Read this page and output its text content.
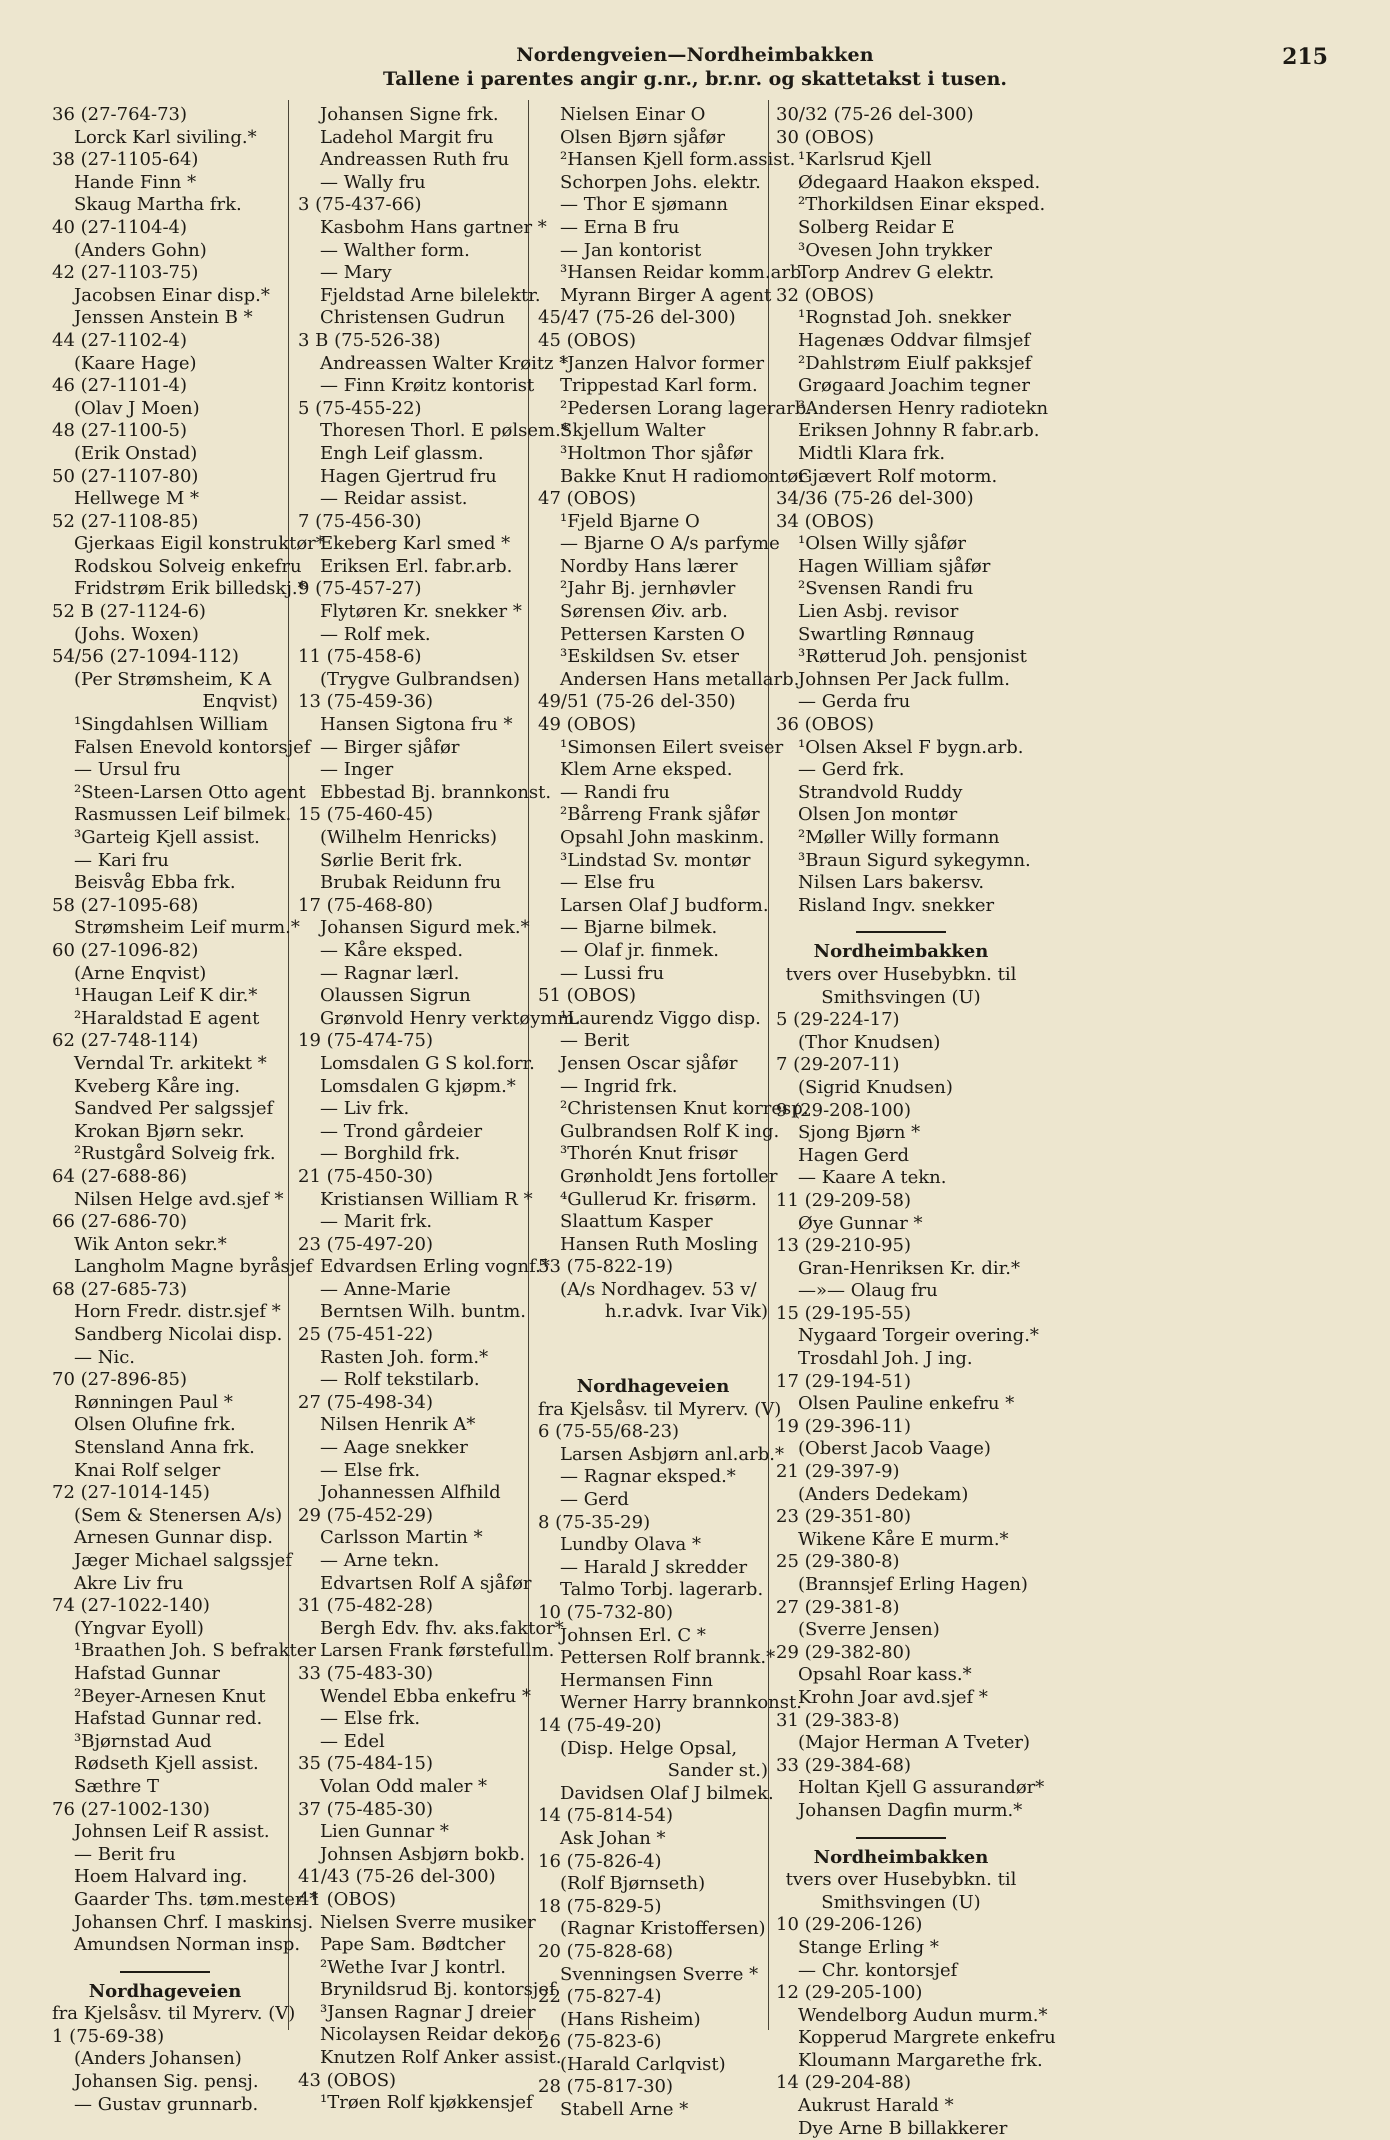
Nordengveien—Nordheimbakken
Tallene i parentes angir g.nr., br.nr. og skattetakst i tusen.
215
36 (27-764-73)
Lorck Karl siviling.*
38 (27-1105-64)
Hande Finn *
Skaug Martha frk.
40 (27-1104-4)
(Anders Gohn)
42 (27-1103-75)
Jacobsen Einar disp.*
Jenssen Anstein B *
44 (27-1102-4)
(Kaare Hage)
46 (27-1101-4)
(Olav J Moen)
48 (27-1100-5)
(Erik Onstad)
50 (27-1107-80)
Hellwege M *
52 (27-1108-85)
Gjerkaas Eigil konstruktør*
Rodskou Solveig enkefru
Fridstrøm Erik billedskj.*
52 B (27-1124-6)
(Johs. Woxen)
54/56 (27-1094-112)
(Per Strømsheim, K A
Enqvist)
¹Singdahlsen William
Falsen Enevold kontorsjef
— Ursul fru
²Steen-Larsen Otto agent
Rasmussen Leif bilmek.
³Garteig Kjell assist.
— Kari fru
Beisvåg Ebba frk.
58 (27-1095-68)
Strømsheim Leif murm.*
60 (27-1096-82)
(Arne Enqvist)
¹Haugan Leif K dir.*
²Haraldstad E agent
62 (27-748-114)
Verndal Tr. arkitekt *
Kveberg Kåre ing.
Sandved Per salgssjef
Krokan Bjørn sekr.
²Rustgård Solveig frk.
64 (27-688-86)
Nilsen Helge avd.sjef *
66 (27-686-70)
Wik Anton sekr.*
Langholm Magne byråsjef
68 (27-685-73)
Horn Fredr. distr.sjef *
Sandberg Nicolai disp.
— Nic.
70 (27-896-85)
Rønningen Paul *
Olsen Olufine frk.
Stensland Anna frk.
Knai Rolf selger
72 (27-1014-145)
(Sem & Stenersen A/s)
Arnesen Gunnar disp.
Jæger Michael salgssjef
Akre Liv fru
74 (27-1022-140)
(Yngvar Eyoll)
¹Braathen Joh. S befrakter
Hafstad Gunnar
²Beyer-Arnesen Knut
Hafstad Gunnar red.
³Bjørnstad Aud
Rødseth Kjell assist.
Sæthre T
76 (27-1002-130)
Johnsen Leif R assist.
— Berit fru
Hoem Halvard ing.
Gaarder Ths. tøm.mester *
Johansen Chrf. I maskinsj.
Amundsen Norman insp.
Nordhageveien
fra Kjelsåsv. til Myrerv. (V)
1 (75-69-38)
(Anders Johansen)
Johansen Sig. pensj.
— Gustav grunnarb.
Johansen Signe frk.
Ladehol Margit fru
Andreassen Ruth fru
— Wally fru
3 (75-437-66)
Kasbohm Hans gartner *
— Walther form.
— Mary
Fjeldstad Arne bilelektr.
Christensen Gudrun
3 B (75-526-38)
Andreassen Walter Krøitz *
— Finn Krøitz kontorist
5 (75-455-22)
Thoresen Thorl. E pølsem.*
Engh Leif glassm.
Hagen Gjertrud fru
— Reidar assist.
7 (75-456-30)
Ekeberg Karl smed *
Eriksen Erl. fabr.arb.
9 (75-457-27)
Flytøren Kr. snekker *
— Rolf mek.
11 (75-458-6)
(Trygve Gulbrandsen)
13 (75-459-36)
Hansen Sigtona fru *
— Birger sjåfør
— Inger
Ebbestad Bj. brannkonst.
15 (75-460-45)
(Wilhelm Henricks)
Sørlie Berit frk.
Brubak Reidunn fru
17 (75-468-80)
Johansen Sigurd mek.*
— Kåre eksped.
— Ragnar lærl.
Olaussen Sigrun
Grønvold Henry verktøymm.
19 (75-474-75)
Lomsdalen G S kol.forr.
Lomsdalen G kjøpm.*
— Liv frk.
— Trond gårdeier
— Borghild frk.
21 (75-450-30)
Kristiansen William R *
— Marit frk.
23 (75-497-20)
Edvardsen Erling vognf.*
— Anne-Marie
Berntsen Wilh. buntm.
25 (75-451-22)
Rasten Joh. form.*
— Rolf tekstilarb.
27 (75-498-34)
Nilsen Henrik A*
— Aage snekker
— Else frk.
Johannessen Alfhild
29 (75-452-29)
Carlsson Martin *
— Arne tekn.
Edvartsen Rolf A sjåfør
31 (75-482-28)
Bergh Edv. fhv. aks.faktor*
Larsen Frank førstefullm.
33 (75-483-30)
Wendel Ebba enkefru *
— Else frk.
— Edel
35 (75-484-15)
Volan Odd maler *
37 (75-485-30)
Lien Gunnar *
Johnsen Asbjørn bokb.
41/43 (75-26 del-300)
41 (OBOS)
Nielsen Sverre musiker
Pape Sam. Bødtcher
²Wethe Ivar J kontrl.
Brynildsrud Bj. kontorsjef
³Jansen Ragnar J dreier
Nicolaysen Reidar dekor.
Knutzen Rolf Anker assist.
43 (OBOS)
¹Trøen Rolf kjøkkensjef
Nielsen Einar O
Olsen Bjørn sjåfør
²Hansen Kjell form.assist.
Schorpen Johs. elektr.
— Thor E sjømann
— Erna B fru
— Jan kontorist
³Hansen Reidar komm.arb.
Myrann Birger A agent
45/47 (75-26 del-300)
45 (OBOS)
¹Janzen Halvor former
Trippestad Karl form.
²Pedersen Lorang lagerarb.
Skjellum Walter
³Holtmon Thor sjåfør
Bakke Knut H radiomontør
47 (OBOS)
¹Fjeld Bjarne O
— Bjarne O A/s parfyme
Nordby Hans lærer
²Jahr Bj. jernhøvler
Sørensen Øiv. arb.
Pettersen Karsten O
³Eskildsen Sv. etser
Andersen Hans metallarb.
49/51 (75-26 del-350)
49 (OBOS)
¹Simonsen Eilert sveiser
Klem Arne eksped.
— Randi fru
²Bårreng Frank sjåfør
Opsahl John maskinm.
³Lindstad Sv. montør
— Else fru
Larsen Olaf J budform.
— Bjarne bilmek.
— Olaf jr. finmek.
— Lussi fru
51 (OBOS)
¹Laurendz Viggo disp.
— Berit
Jensen Oscar sjåfør
— Ingrid frk.
²Christensen Knut korresp.
Gulbrandsen Rolf K ing.
³Thorén Knut frisør
Grønholdt Jens fortoller
⁴Gullerud Kr. frisørm.
Slaattum Kasper
Hansen Ruth Mosling
53 (75-822-19)
(A/s Nordhagev. 53 v/
h.r.advk. Ivar Vik)
Nordhageveien
fra Kjelsåsv. til Myrerv. (V)
6 (75-55/68-23)
Larsen Asbjørn anl.arb.*
— Ragnar eksped.*
— Gerd
8 (75-35-29)
Lundby Olava *
— Harald J skredder
Talmo Torbj. lagerarb.
10 (75-732-80)
Johnsen Erl. C *
Pettersen Rolf brannk.*
Hermansen Finn
Werner Harry brannkonst.
14 (75-49-20)
(Disp. Helge Opsal,
Sander st.)
Davidsen Olaf J bilmek.
14 (75-814-54)
Ask Johan *
16 (75-826-4)
(Rolf Bjørnseth)
18 (75-829-5)
(Ragnar Kristoffersen)
20 (75-828-68)
Svenningsen Sverre *
22 (75-827-4)
(Hans Risheim)
26 (75-823-6)
(Harald Carlqvist)
28 (75-817-30)
Stabell Arne *
30/32 (75-26 del-300)
30 (OBOS)
¹Karlsrud Kjell
Ødegaard Haakon eksped.
²Thorkildsen Einar eksped.
Solberg Reidar E
³Ovesen John trykker
Torp Andrev G elektr.
32 (OBOS)
¹Rognstad Joh. snekker
Hagenæs Oddvar filmsjef
²Dahlstrøm Eiulf pakksjef
Grøgaard Joachim tegner
³Andersen Henry radiotekn
Eriksen Johnny R fabr.arb.
Midtli Klara frk.
Gjævert Rolf motorm.
34/36 (75-26 del-300)
34 (OBOS)
¹Olsen Willy sjåfør
Hagen William sjåfør
²Svensen Randi fru
Lien Asbj. revisor
Swartling Rønnaug
³Røtterud Joh. pensjonist
Johnsen Per Jack fullm.
— Gerda fru
36 (OBOS)
¹Olsen Aksel F bygn.arb.
— Gerd frk.
Strandvold Ruddy
Olsen Jon montør
²Møller Willy formann
³Braun Sigurd sykegymn.
Nilsen Lars bakersv.
Risland Ingv. snekker
Nordheimbakken
tvers over Husebybkn. til
Smithsvingen (U)
5 (29-224-17)
(Thor Knudsen)
7 (29-207-11)
(Sigrid Knudsen)
9 (29-208-100)
Sjong Bjørn *
Hagen Gerd
— Kaare A tekn.
11 (29-209-58)
Øye Gunnar *
13 (29-210-95)
Gran-Henriksen Kr. dir.*
—»— Olaug fru
15 (29-195-55)
Nygaard Torgeir overing.*
Trosdahl Joh. J ing.
17 (29-194-51)
Olsen Pauline enkefru *
19 (29-396-11)
(Oberst Jacob Vaage)
21 (29-397-9)
(Anders Dedekam)
23 (29-351-80)
Wikene Kåre E murm.*
25 (29-380-8)
(Brannsjef Erling Hagen)
27 (29-381-8)
(Sverre Jensen)
29 (29-382-80)
Opsahl Roar kass.*
Krohn Joar avd.sjef *
31 (29-383-8)
(Major Herman A Tveter)
33 (29-384-68)
Holtan Kjell G assurandør*
Johansen Dagfin murm.*
Nordheimbakken
tvers over Husebybkn. til
Smithsvingen (U)
10 (29-206-126)
Stange Erling *
— Chr. kontorsjef
12 (29-205-100)
Wendelborg Audun murm.*
Kopperud Margrete enkefru
Kloumann Margarethe frk.
14 (29-204-88)
Aukrust Harald *
Dye Arne B billakkerer
